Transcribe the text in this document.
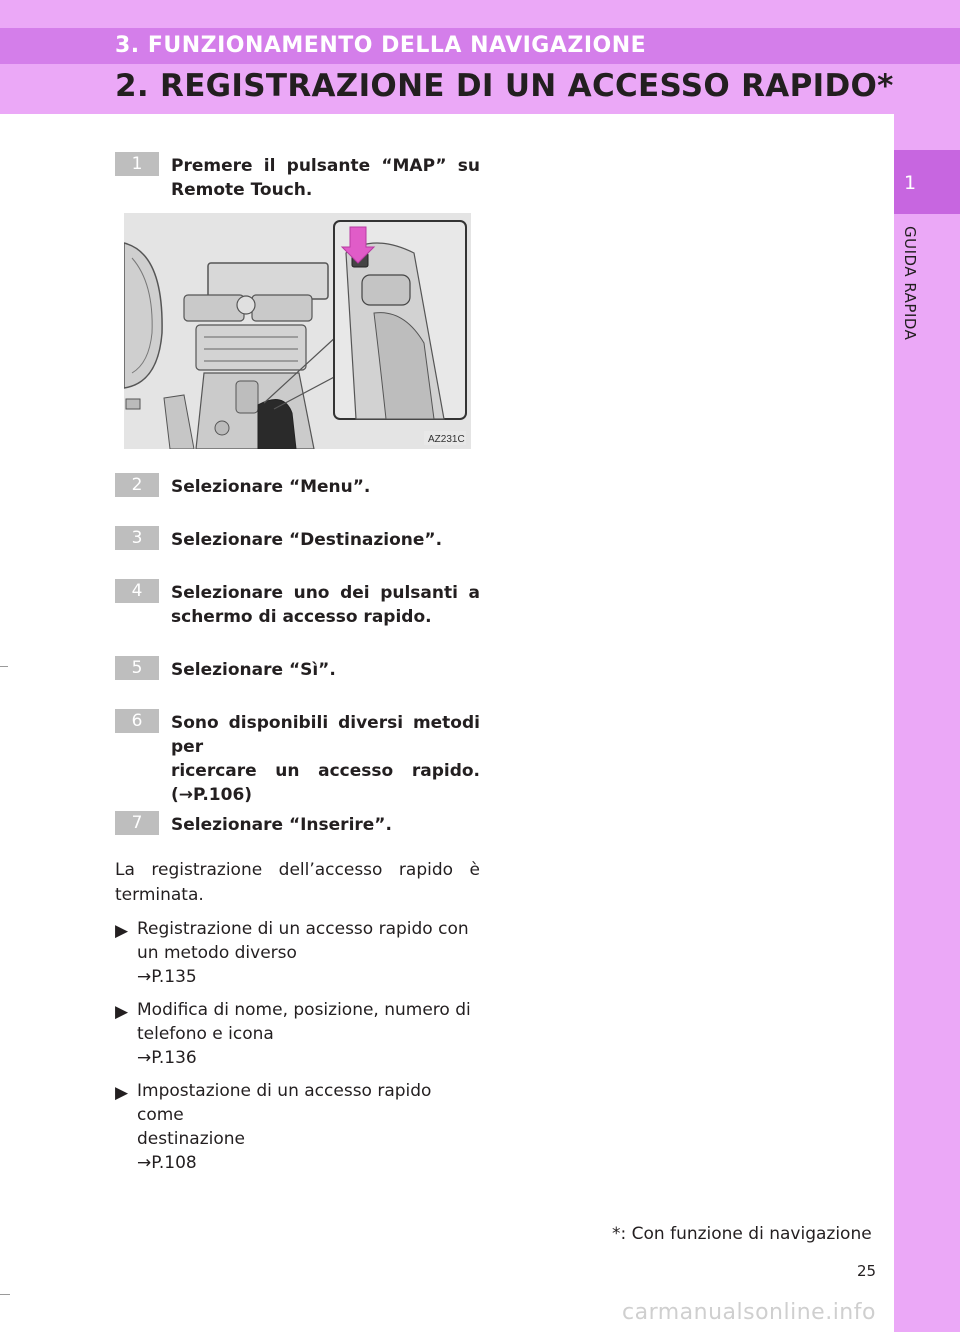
3. FUNZIONAMENTO DELLA NAVIGAZIONE
2. REGISTRAZIONE DI UN ACCESSO RAPIDO*
1
GUIDA RAPIDA
1	Premere il pulsante “MAP” su
Remote Touch.
AZ231C
2	Selezionare “Menu”.
3	Selezionare “Destinazione”.
4	Selezionare uno dei pulsanti a
schermo di accesso rapido.
5	Selezionare “Sì”.
6	Sono disponibili diversi metodi per
ricercare un accesso rapido.
(→P.106)
7	Selezionare “Inserire”.
La registrazione dell’accesso rapido è
terminata.
▶ Registrazione di un accesso rapido con
un metodo diverso
→P.135
▶ Modifica di nome, posizione, numero di
telefono e icona
→P.136
▶ Impostazione di un accesso rapido come
destinazione
→P.108
*: Con funzione di navigazione
25
carmanualsonline.info
